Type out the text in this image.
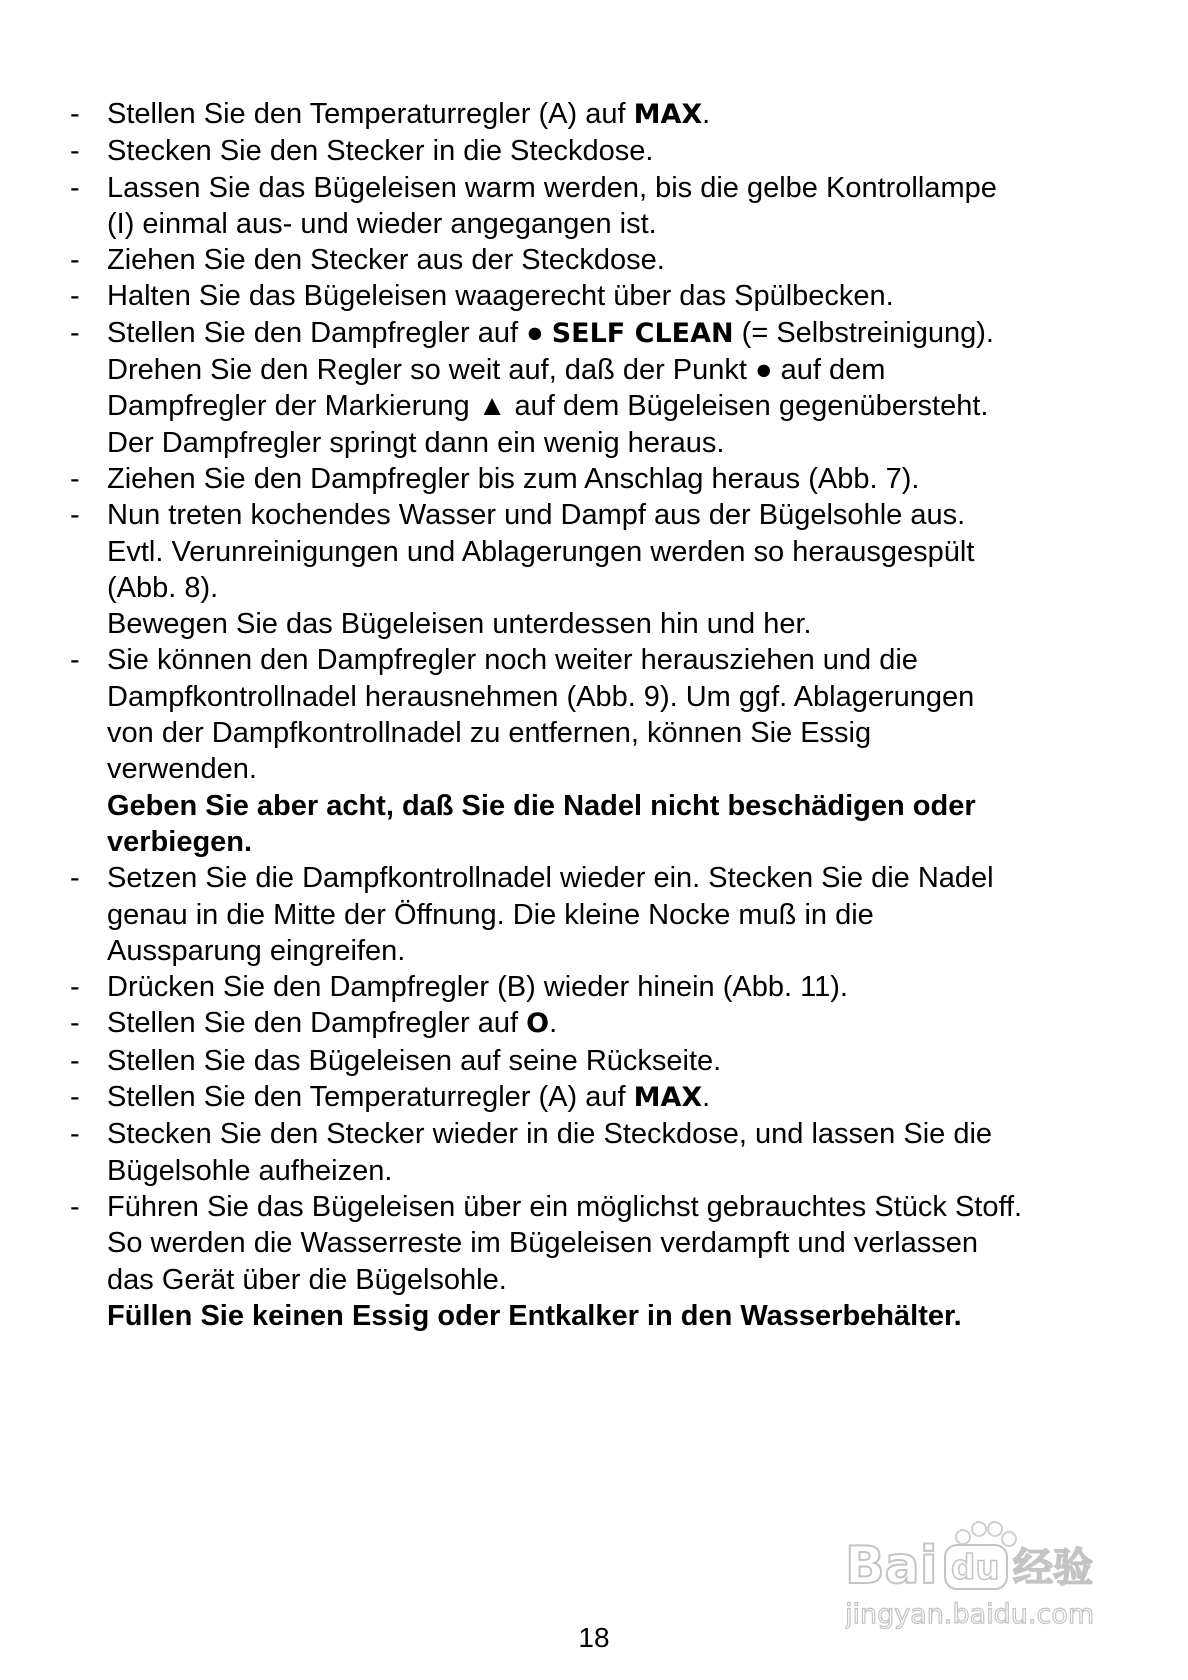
- Stellen Sie den Temperaturregler (A) auf MAX.
- Stecken Sie den Stecker in die Steckdose.
- Lassen Sie das Bügeleisen warm werden, bis die gelbe Kontrollampe
(I) einmal aus- und wieder angegangen ist.
- Ziehen Sie den Stecker aus der Steckdose.
- Halten Sie das Bügeleisen waagerecht über das Spülbecken.
- Stellen Sie den Dampfregler auf ● SELF CLEAN (= Selbstreinigung).
Drehen Sie den Regler so weit auf, daß der Punkt ● auf dem
Dampfregler der Markierung ▲ auf dem Bügeleisen gegenübersteht.
Der Dampfregler springt dann ein wenig heraus.
- Ziehen Sie den Dampfregler bis zum Anschlag heraus (Abb. 7).
- Nun treten kochendes Wasser und Dampf aus der Bügelsohle aus.
Evtl. Verunreinigungen und Ablagerungen werden so herausgespült
(Abb. 8).
Bewegen Sie das Bügeleisen unterdessen hin und her.
- Sie können den Dampfregler noch weiter herausziehen und die
Dampfkontrollnadel herausnehmen (Abb. 9). Um ggf. Ablagerungen
von der Dampfkontrollnadel zu entfernen, können Sie Essig
verwenden.
Geben Sie aber acht, daß Sie die Nadel nicht beschädigen oder
verbiegen.
- Setzen Sie die Dampfkontrollnadel wieder ein. Stecken Sie die Nadel
genau in die Mitte der Öffnung. Die kleine Nocke muß in die
Aussparung eingreifen.
- Drücken Sie den Dampfregler (B) wieder hinein (Abb. 11).
- Stellen Sie den Dampfregler auf O.
- Stellen Sie das Bügeleisen auf seine Rückseite.
- Stellen Sie den Temperaturregler (A) auf MAX.
- Stecken Sie den Stecker wieder in die Steckdose, und lassen Sie die
Bügelsohle aufheizen.
- Führen Sie das Bügeleisen über ein möglichst gebrauchtes Stück Stoff.
So werden die Wasserreste im Bügeleisen verdampft und verlassen
das Gerät über die Bügelsohle.
Füllen Sie keinen Essig oder Entkalker in den Wasserbehälter.
18
Bai du 经验
jingyan.baidu.com
